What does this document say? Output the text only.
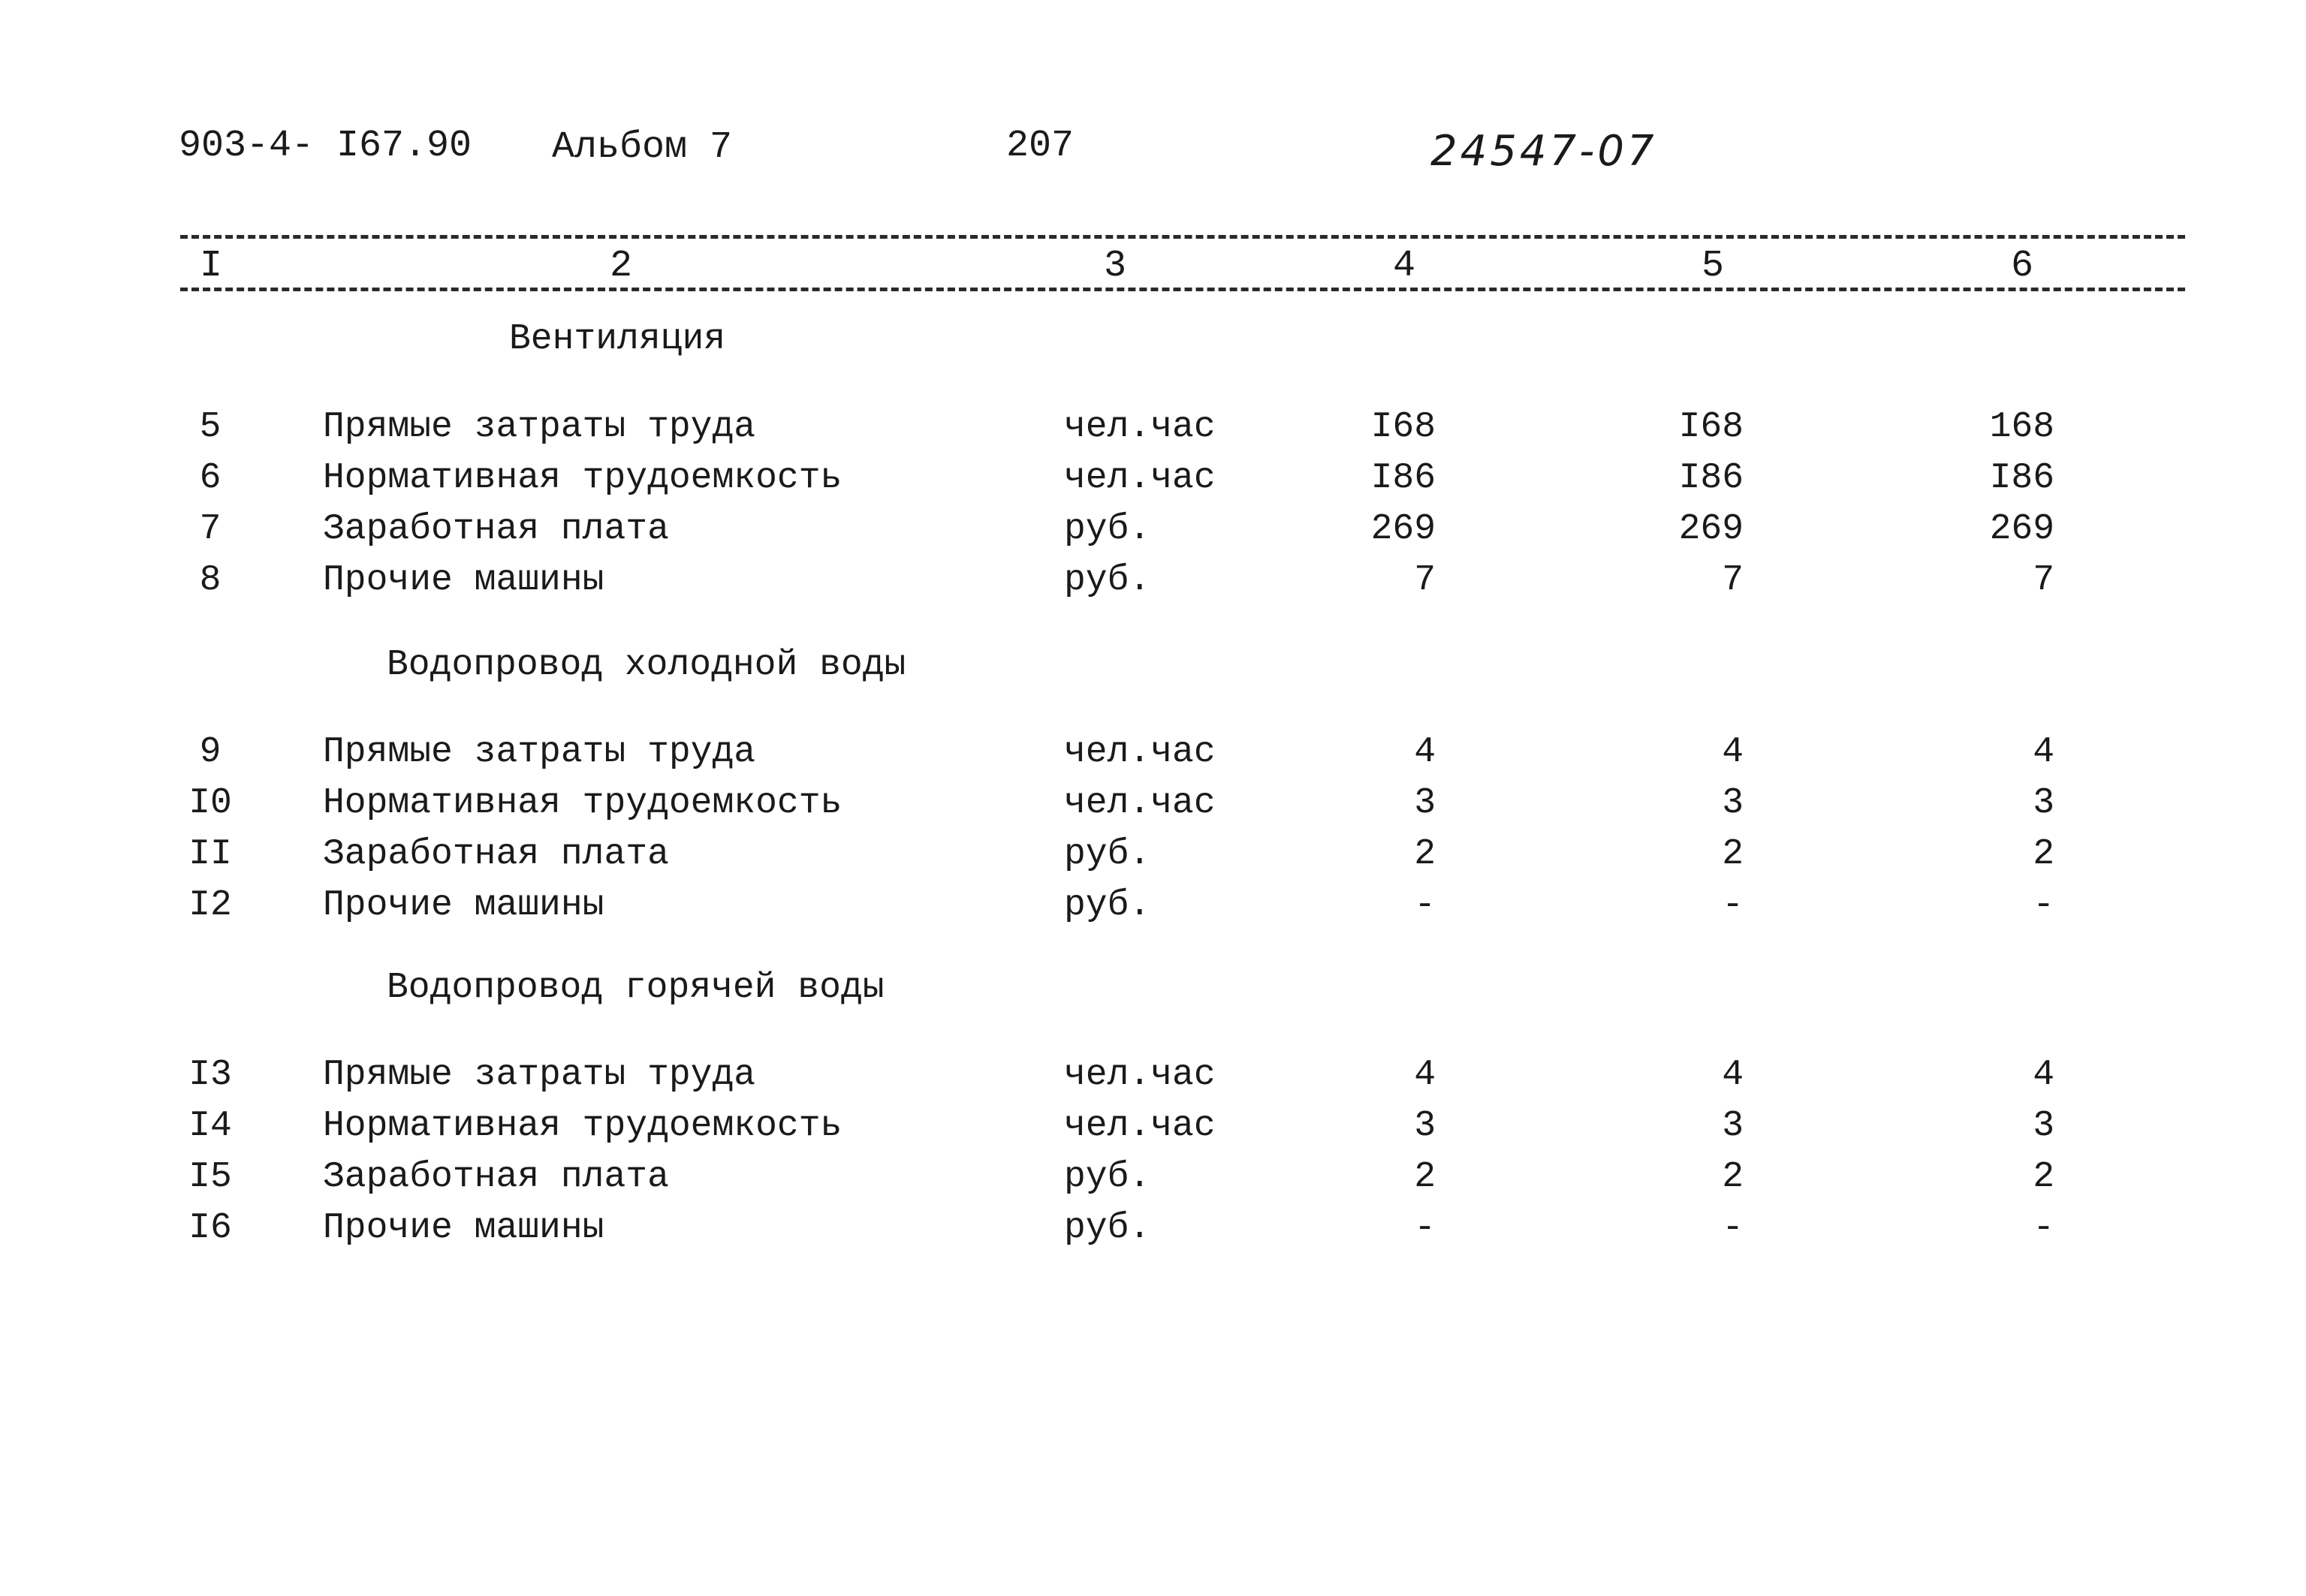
903-4- I67.90 Альбом 7	207	24547-07
I	2	3	4	5	6
Вентиляция
5	Прямые затраты труда	чел.час	I68	I68	168
6	Нормативная трудоемкость	чел.час	I86	I86	I86
7	Заработная плата	руб.	269	269	269
8	Прочие машины	руб.	7	7	7
Водопровод холодной воды
9	Прямые затраты труда	чел.час	4	4	4
I0	Нормативная трудоемкость	чел.час	3	3	3
II	Заработная плата	руб.	2	2	2
I2	Прочие машины	руб.	-	-	-
Водопровод горячей воды
I3	Прямые затраты труда	чел.час	4	4	4
I4	Нормативная трудоемкость	чел.час	3	3	3
I5	Заработная плата	руб.	2	2	2
I6	Прочие машины	руб.	-	-	-
